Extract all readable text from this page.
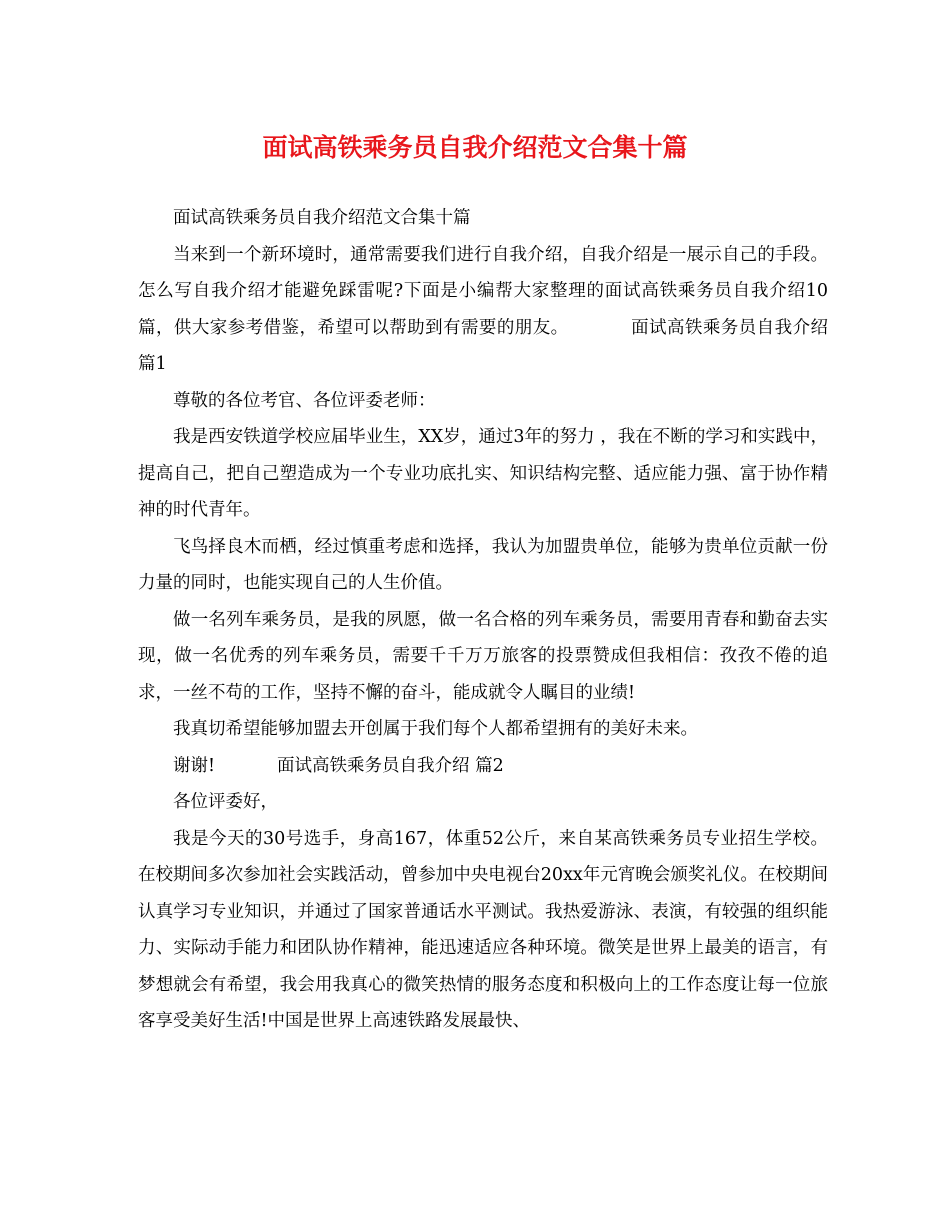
面试高铁乘务员自我介绍范文合集十篇

面试高铁乘务员自我介绍范文合集十篇

当来到一个新环境时，通常需要我们进行自我介绍，自我介绍是一展示自己的手段。怎么写自我介绍才能避免踩雷呢?下面是小编帮大家整理的面试高铁乘务员自我介绍10篇，供大家参考借鉴，希望可以帮助到有需要的朋友。	面试高铁乘务员自我介绍 篇1

尊敬的各位考官、各位评委老师：

我是西安铁道学校应届毕业生，XX岁，通过3年的努力 ，我在不断的学习和实践中，提高自己，把自己塑造成为一个专业功底扎实、知识结构完整、适应能力强、富于协作精神的时代青年。

飞鸟择良木而栖，经过慎重考虑和选择，我认为加盟贵单位，能够为贵单位贡献一份力量的同时，也能实现自己的人生价值。

做一名列车乘务员，是我的夙愿，做一名合格的列车乘务员，需要用青春和勤奋去实现，做一名优秀的列车乘务员，需要千千万万旅客的投票赞成但我相信：孜孜不倦的追求，一丝不苟的工作，坚持不懈的奋斗，能成就令人瞩目的业绩!

我真切希望能够加盟去开创属于我们每个人都希望拥有的美好未来。

谢谢!	面试高铁乘务员自我介绍 篇2

各位评委好，

我是今天的30号选手，身高167，体重52公斤，来自某高铁乘务员专业招生学校。在校期间多次参加社会实践活动，曾参加中央电视台20xx年元宵晚会颁奖礼仪。在校期间认真学习专业知识，并通过了国家普通话水平测试。我热爱游泳、表演，有较强的组织能力、实际动手能力和团队协作精神，能迅速适应各种环境。微笑是世界上最美的语言，有梦想就会有希望，我会用我真心的微笑热情的服务态度和积极向上的工作态度让每一位旅客享受美好生活!中国是世界上高速铁路发展最快、
